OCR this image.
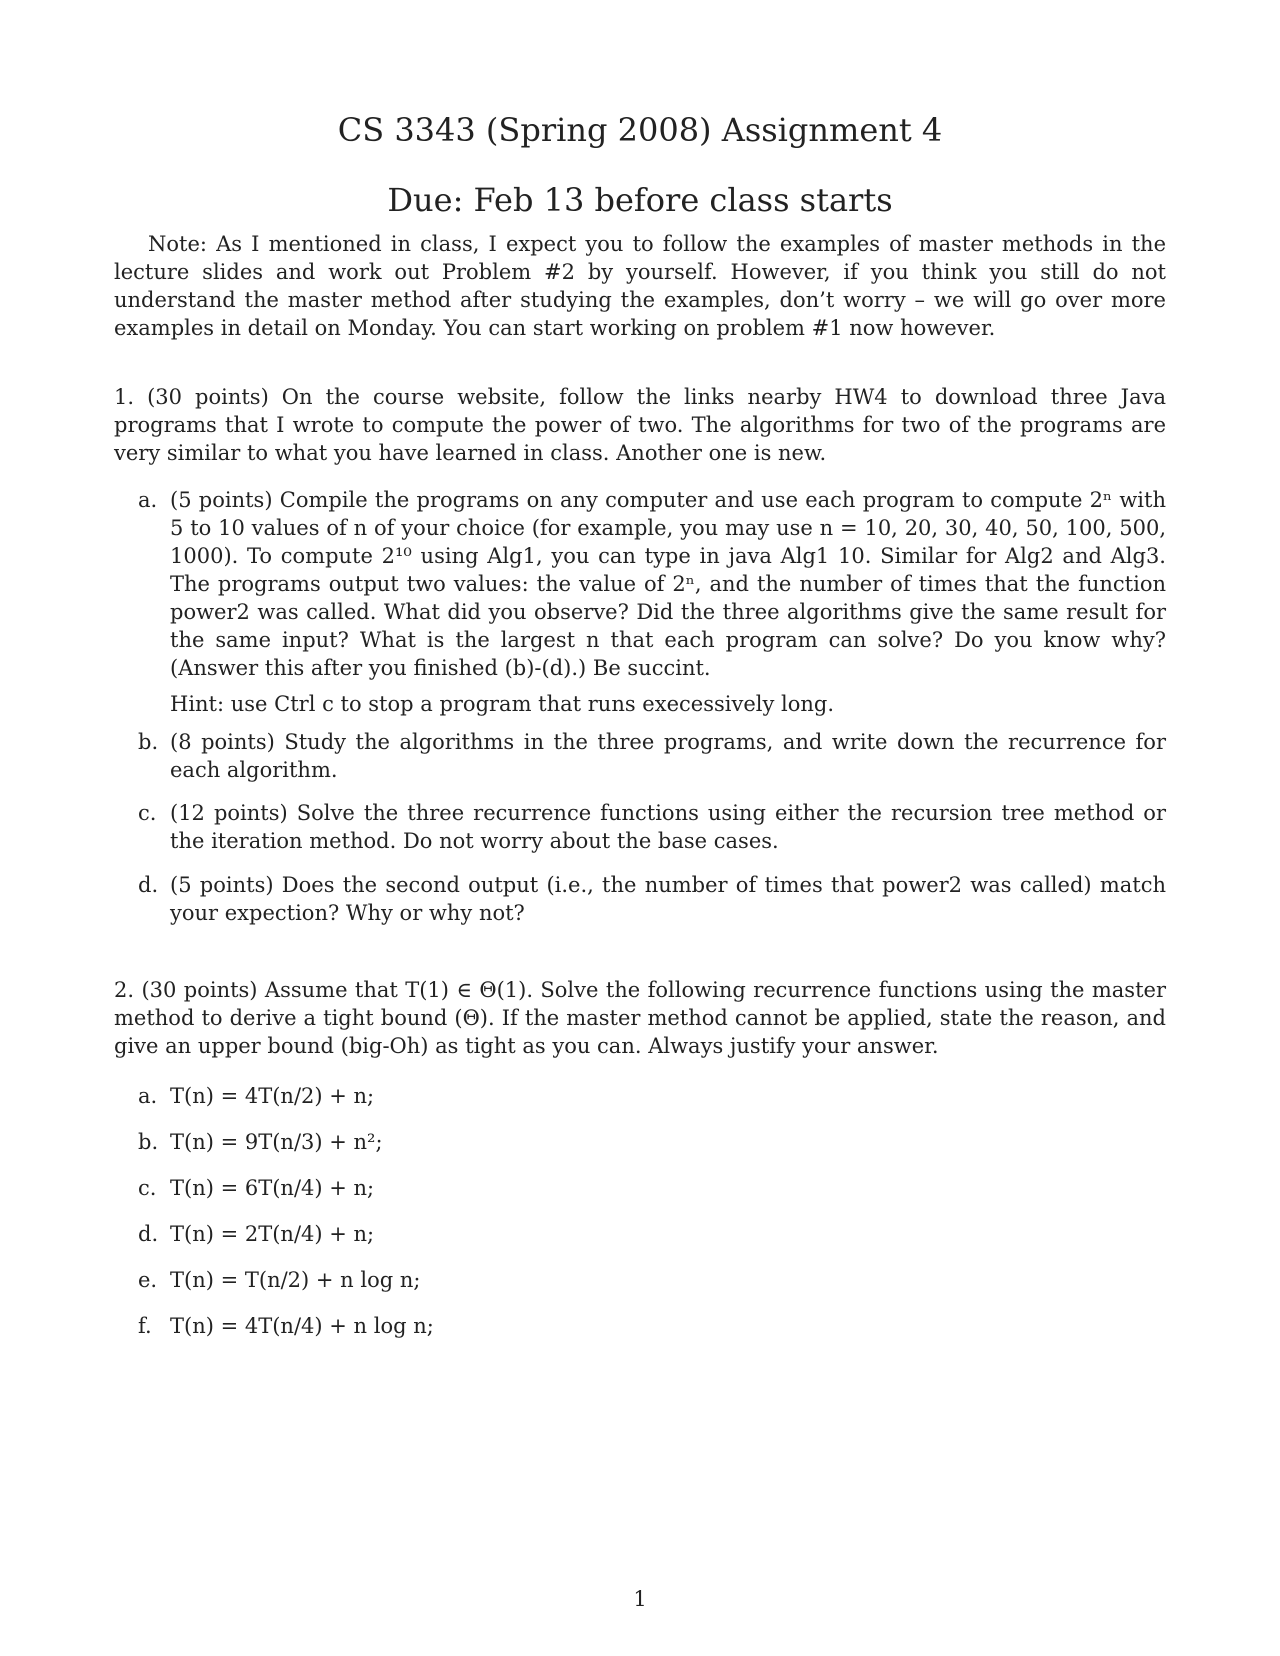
CS 3343 (Spring 2008) Assignment 4
Due: Feb 13 before class starts

Note: As I mentioned in class, I expect you to follow the examples of master methods in the lecture slides and work out Problem #2 by yourself. However, if you think you still do not understand the master method after studying the examples, don’t worry – we will go over more examples in detail on Monday. You can start working on problem #1 now however.

1. (30 points) On the course website, follow the links nearby HW4 to download three Java programs that I wrote to compute the power of two. The algorithms for two of the programs are very similar to what you have learned in class. Another one is new.

a. (5 points) Compile the programs on any computer and use each program to compute 2ⁿ with 5 to 10 values of n of your choice (for example, you may use n = 10, 20, 30, 40, 50, 100, 500, 1000). To compute 2¹⁰ using Alg1, you can type in java Alg1 10. Similar for Alg2 and Alg3. The programs output two values: the value of 2ⁿ, and the number of times that the function power2 was called. What did you observe? Did the three algorithms give the same result for the same input? What is the largest n that each program can solve? Do you know why? (Answer this after you finished (b)-(d).) Be succint.

Hint: use Ctrl c to stop a program that runs execessively long.

b. (8 points) Study the algorithms in the three programs, and write down the recurrence for each algorithm.

c. (12 points) Solve the three recurrence functions using either the recursion tree method or the iteration method. Do not worry about the base cases.

d. (5 points) Does the second output (i.e., the number of times that power2 was called) match your expection? Why or why not?

2. (30 points) Assume that T(1) ∈ Θ(1). Solve the following recurrence functions using the master method to derive a tight bound (Θ). If the master method cannot be applied, state the reason, and give an upper bound (big-Oh) as tight as you can. Always justify your answer.

a. T(n) = 4T(n/2) + n;
b. T(n) = 9T(n/3) + n²;
c. T(n) = 6T(n/4) + n;
d. T(n) = 2T(n/4) + n;
e. T(n) = T(n/2) + n log n;
f. T(n) = 4T(n/4) + n log n;
1
